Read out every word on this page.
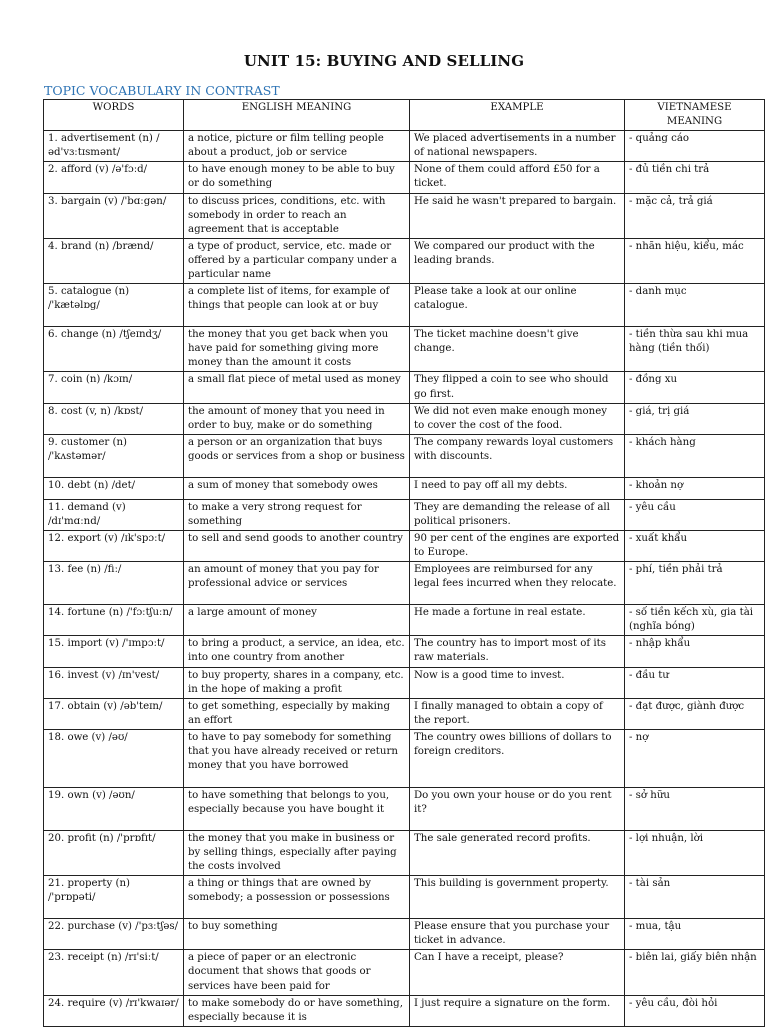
UNIT 15: BUYING AND SELLING
TOPIC VOCABULARY IN CONTRAST
WORDS	ENGLISH MEANING	EXAMPLE	VIETNAMESE MEANING
1. advertisement (n) /əd'vɜːtɪsmənt/	a notice, picture or film telling people about a product, job or service	We placed advertisements in a number of national newspapers.	- quảng cáo
2. afford (v) /ə'fɔːd/	to have enough money to be able to buy or do something	None of them could afford £50 for a ticket.	- đủ tiền chi trả
3. bargain (v) /'bɑːgən/	to discuss prices, conditions, etc. with somebody in order to reach an agreement that is acceptable	He said he wasn't prepared to bargain.	- mặc cả, trả giá
4. brand (n) /brænd/	a type of product, service, etc. made or offered by a particular company under a particular name	We compared our product with the leading brands.	- nhãn hiệu, kiểu, mác
5. catalogue (n) /'kætəlɒg/	a complete list of items, for example of things that people can look at or buy	Please take a look at our online catalogue.	- danh mục
6. change (n) /tʃeɪndʒ/	the money that you get back when you have paid for something giving more money than the amount it costs	The ticket machine doesn't give change.	- tiền thừa sau khi mua hàng (tiền thối)
7. coin (n) /kɔɪn/	a small flat piece of metal used as money	They flipped a coin to see who should go first.	- đồng xu
8. cost (v, n) /kɒst/	the amount of money that you need in order to buy, make or do something	We did not even make enough money to cover the cost of the food.	- giá, trị giá
9. customer (n) /'kʌstəmər/	a person or an organization that buys goods or services from a shop or business	The company rewards loyal customers with discounts.	- khách hàng
10. debt (n) /det/	a sum of money that somebody owes	I need to pay off all my debts.	- khoản nợ
11. demand (v) /dɪ'mɑːnd/	to make a very strong request for something	They are demanding the release of all political prisoners.	- yêu cầu
12. export (v) /ɪk'spɔːt/	to sell and send goods to another country	90 per cent of the engines are exported to Europe.	- xuất khẩu
13. fee (n) /fiː/	an amount of money that you pay for professional advice or services	Employees are reimbursed for any legal fees incurred when they relocate.	- phí, tiền phải trả
14. fortune (n) /'fɔːtʃuːn/	a large amount of money	He made a fortune in real estate.	- số tiền kếch xù, gia tài (nghĩa bóng)
15. import (v) /'ɪmpɔːt/	to bring a product, a service, an idea, etc. into one country from another	The country has to import most of its raw materials.	- nhập khẩu
16. invest (v) /ɪn'vest/	to buy property, shares in a company, etc. in the hope of making a profit	Now is a good time to invest.	- đầu tư
17. obtain (v) /əb'teɪn/	to get something, especially by making an effort	I finally managed to obtain a copy of the report.	- đạt được, giành được
18. owe (v) /əʊ/	to have to pay somebody for something that you have already received or return money that you have borrowed	The country owes billions of dollars to foreign creditors.	- nợ
19. own (v) /əʊn/	to have something that belongs to you, especially because you have bought it	Do you own your house or do you rent it?	- sở hữu
20. profit (n) /'prɒfɪt/	the money that you make in business or by selling things, especially after paying the costs involved	The sale generated record profits.	- lợi nhuận, lời
21. property (n) /'prɒpəti/	a thing or things that are owned by somebody; a possession or possessions	This building is government property.	- tài sản
22. purchase (v) /'pɜːtʃəs/	to buy something	Please ensure that you purchase your ticket in advance.	- mua, tậu
23. receipt (n) /rɪ'siːt/	a piece of paper or an electronic document that shows that goods or services have been paid for	Can I have a receipt, please?	- biên lai, giấy biên nhận
24. require (v) /rɪ'kwaɪər/	to make somebody do or have something, especially because it is	I just require a signature on the form.	- yêu cầu, đòi hỏi
